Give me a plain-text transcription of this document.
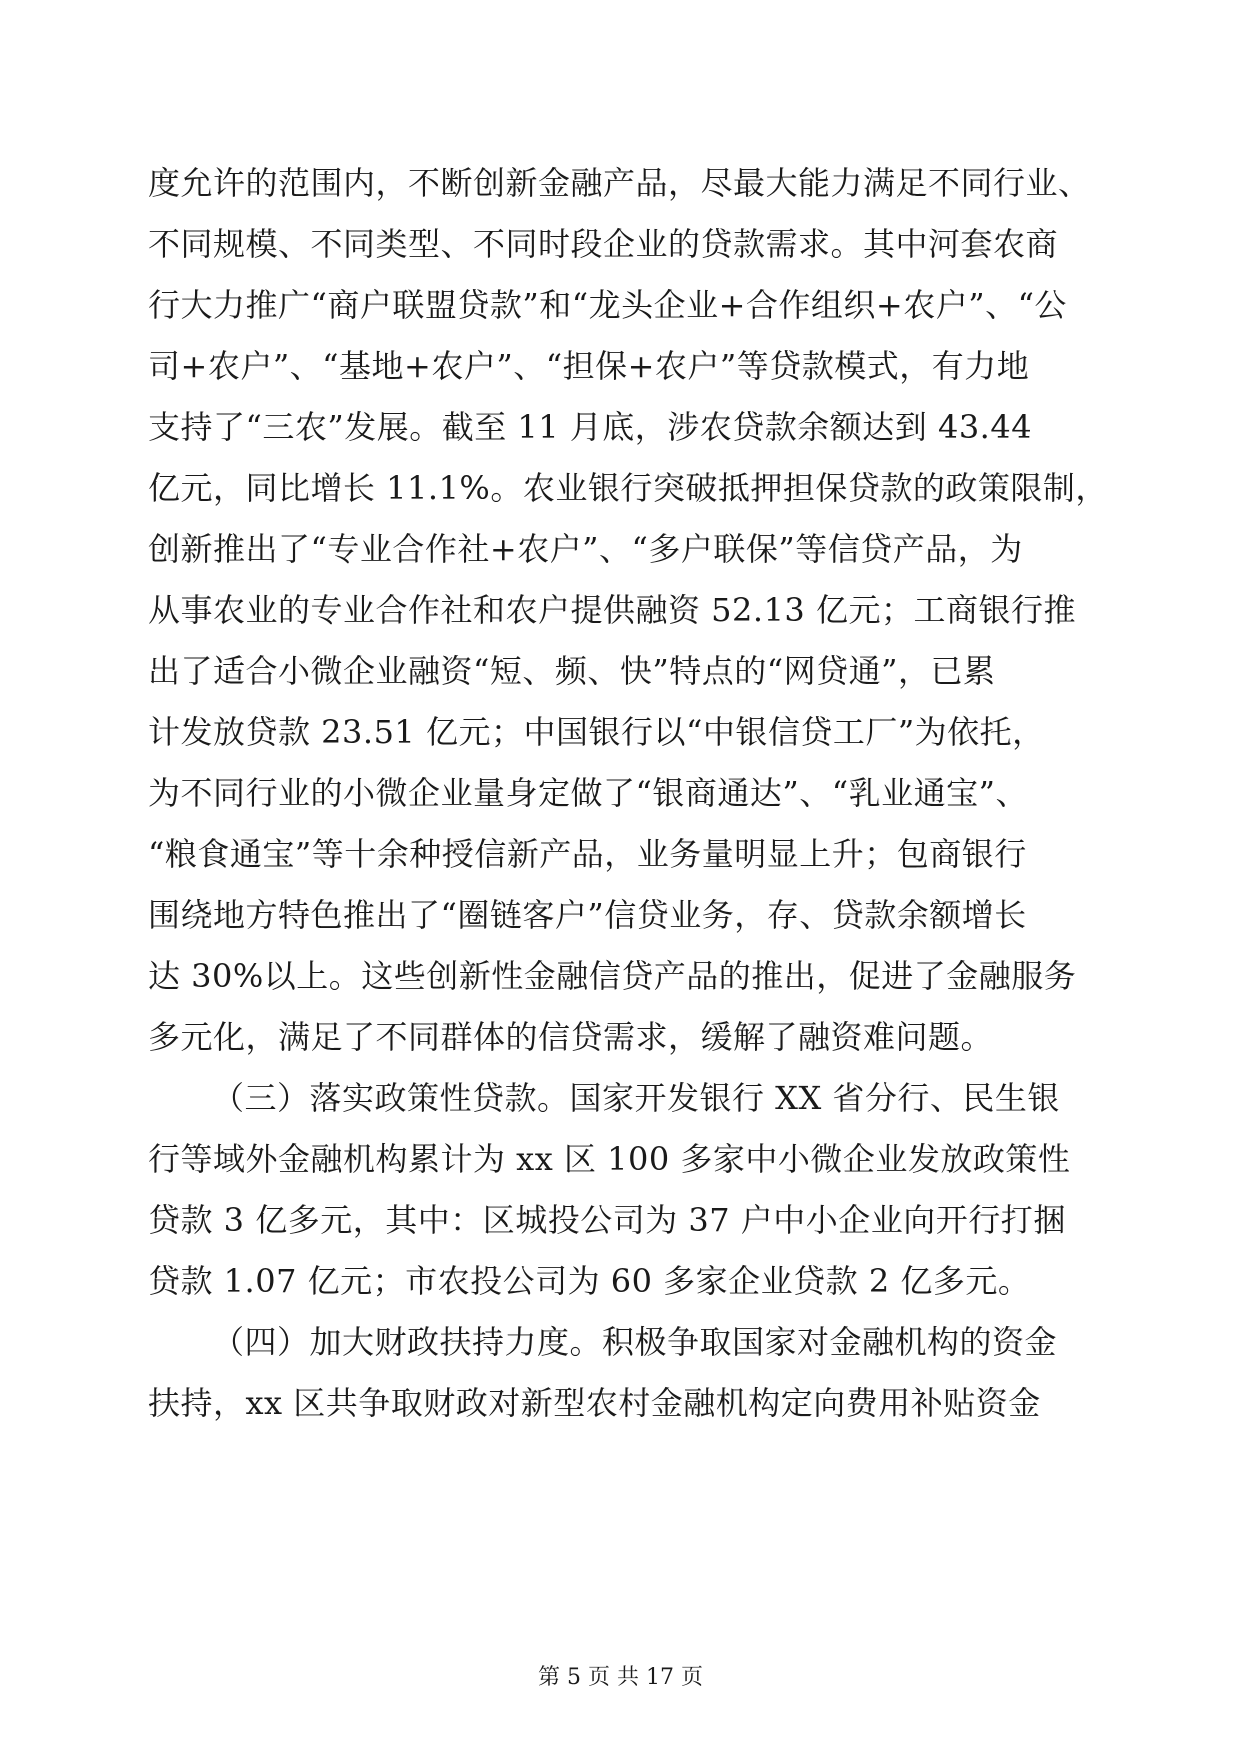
度允许的范围内，不断创新金融产品，尽最大能力满足不同行业、
不同规模、不同类型、不同时段企业的贷款需求。其中河套农商
行大力推广“商户联盟贷款”和“龙头企业+合作组织+农户”、“公
司+农户”、“基地+农户”、“担保+农户”等贷款模式，有力地
支持了“三农”发展。截至 11 月底，涉农贷款余额达到 43.44
亿元，同比增长 11.1%。农业银行突破抵押担保贷款的政策限制，
创新推出了“专业合作社+农户”、“多户联保”等信贷产品，为
从事农业的专业合作社和农户提供融资 52.13 亿元；工商银行推
出了适合小微企业融资“短、频、快”特点的“网贷通”，已累
计发放贷款 23.51 亿元；中国银行以“中银信贷工厂”为依托，
为不同行业的小微企业量身定做了“银商通达”、“乳业通宝”、
“粮食通宝”等十余种授信新产品，业务量明显上升；包商银行
围绕地方特色推出了“圈链客户”信贷业务，存、贷款余额增长
达 30%以上。这些创新性金融信贷产品的推出，促进了金融服务
多元化，满足了不同群体的信贷需求，缓解了融资难问题。
（三）落实政策性贷款。国家开发银行 XX 省分行、民生银
行等域外金融机构累计为 xx 区 100 多家中小微企业发放政策性
贷款 3 亿多元，其中：区城投公司为 37 户中小企业向开行打捆
贷款 1.07 亿元；市农投公司为 60 多家企业贷款 2 亿多元。
（四）加大财政扶持力度。积极争取国家对金融机构的资金
扶持，xx 区共争取财政对新型农村金融机构定向费用补贴资金
第 5 页 共 17 页
